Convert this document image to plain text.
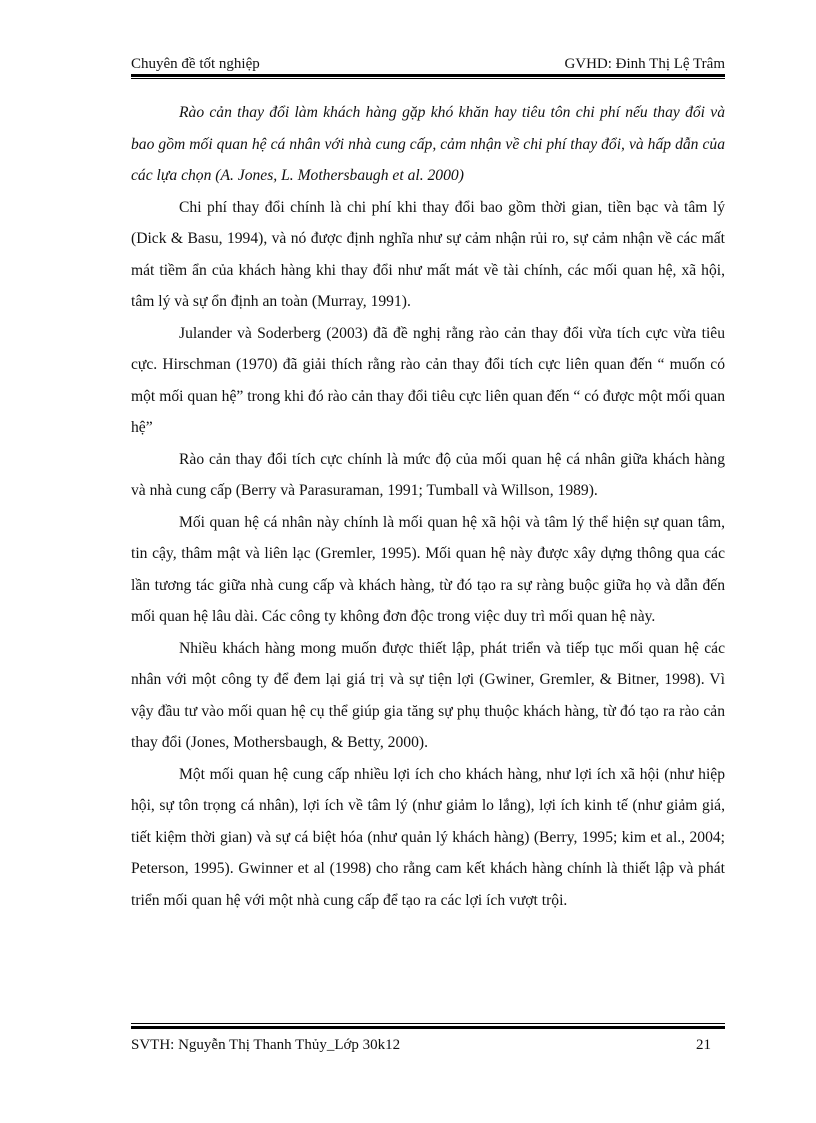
Chuyên đề tốt nghiệp	GVHD: Đinh Thị Lệ Trâm

Rào cản thay đổi làm khách hàng gặp khó khăn hay tiêu tôn chi phí nếu thay đổi và bao gồm mối quan hệ cá nhân với nhà cung cấp, cảm nhận về chi phí thay đổi, và hấp dẫn của các lựa chọn (A. Jones, L. Mothersbaugh et al. 2000)

Chi phí thay đổi chính là chi phí khi thay đổi bao gồm thời gian, tiền bạc và tâm lý (Dick & Basu, 1994), và nó được định nghĩa như sự cảm nhận rủi ro, sự cảm nhận về các mất mát tiềm ẩn của khách hàng khi thay đổi như mất mát về tài chính, các mối quan hệ, xã hội, tâm lý và sự ổn định an toàn (Murray, 1991).

Julander và Soderberg (2003) đã đề nghị rằng rào cản thay đổi vừa tích cực vừa tiêu cực. Hirschman (1970) đã giải thích rằng rào cản thay đổi tích cực liên quan đến “ muốn có một mối quan hệ” trong khi đó rào cản thay đổi tiêu cực liên quan đến “ có được một mối quan hệ”

Rào cản thay đổi tích cực chính là mức độ của mối quan hệ cá nhân giữa khách hàng và nhà cung cấp (Berry và Parasuraman, 1991; Tumball và Willson, 1989).

Mối quan hệ cá nhân này chính là mối quan hệ xã hội và tâm lý thể hiện sự quan tâm, tin cậy, thâm mật và liên lạc (Gremler, 1995). Mối quan hệ này được xây dựng thông qua các lần tương tác giữa nhà cung cấp và khách hàng, từ đó tạo ra sự ràng buộc giữa họ và dẫn đến mối quan hệ lâu dài. Các công ty không đơn độc trong việc duy trì mối quan hệ này.

Nhiều khách hàng mong muốn được thiết lập, phát triển và tiếp tục mối quan hệ các nhân với một công ty để đem lại giá trị và sự tiện lợi (Gwiner, Gremler, & Bitner, 1998). Vì vậy đầu tư vào mối quan hệ cụ thể giúp gia tăng sự phụ thuộc khách hàng, từ đó tạo ra rào cản thay đổi (Jones, Mothersbaugh, & Betty, 2000).

Một mối quan hệ cung cấp nhiều lợi ích cho khách hàng, như lợi ích xã hội (như hiệp hội, sự tôn trọng cá nhân), lợi ích về tâm lý (như giảm lo lắng), lợi ích kinh tế (như giảm giá, tiết kiệm thời gian) và sự cá biệt hóa (như quản lý khách hàng) (Berry, 1995; kim et al., 2004; Peterson, 1995). Gwinner et al (1998) cho rằng cam kết khách hàng chính là thiết lập và phát triển mối quan hệ với một nhà cung cấp để tạo ra các lợi ích vượt trội.

SVTH: Nguyễn Thị Thanh Thủy_Lớp 30k12	21
